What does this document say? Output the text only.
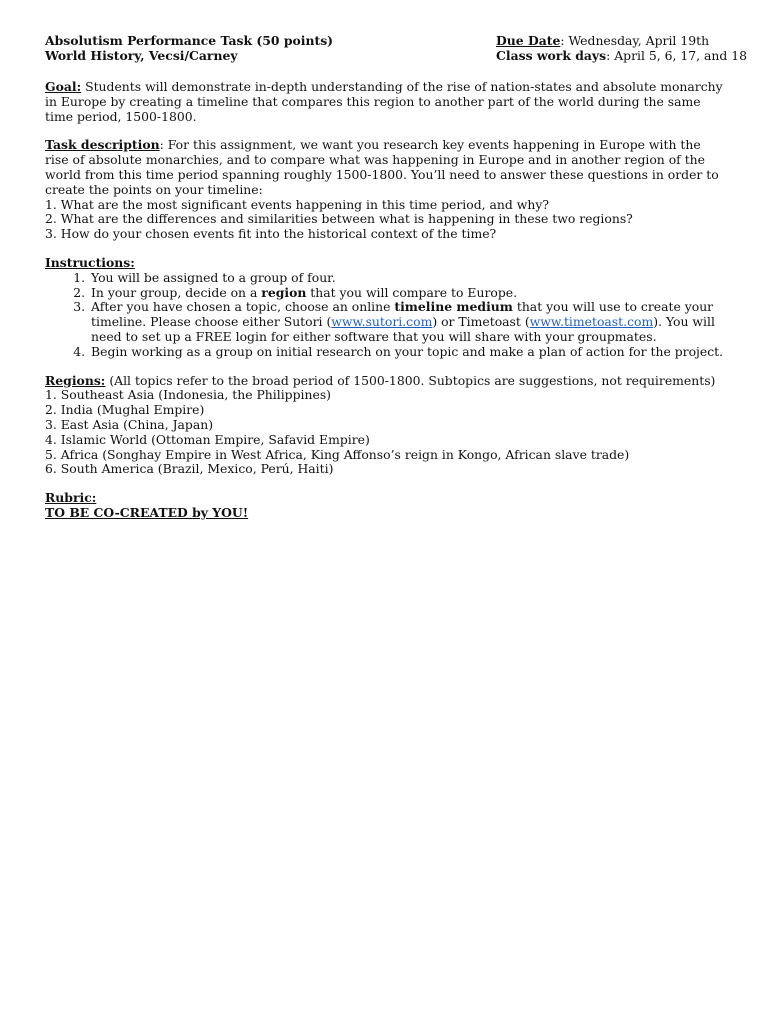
Absolutism Performance Task (50 points)
World History, Vecsi/Carney
Due Date: Wednesday, April 19th
Class work days: April 5, 6, 17, and 18
Goal: Students will demonstrate in-depth understanding of the rise of nation-states and absolute monarchy in Europe by creating a timeline that compares this region to another part of the world during the same time period, 1500-1800.
Task description: For this assignment, we want you research key events happening in Europe with the rise of absolute monarchies, and to compare what was happening in Europe and in another region of the world from this time period spanning roughly 1500-1800. You’ll need to answer these questions in order to create the points on your timeline:
1. What are the most significant events happening in this time period, and why?
2. What are the differences and similarities between what is happening in these two regions?
3. How do your chosen events fit into the historical context of the time?
Instructions:
1. You will be assigned to a group of four.
2. In your group, decide on a region that you will compare to Europe.
3. After you have chosen a topic, choose an online timeline medium that you will use to create your timeline. Please choose either Sutori (www.sutori.com) or Timetoast (www.timetoast.com). You will need to set up a FREE login for either software that you will share with your groupmates.
4. Begin working as a group on initial research on your topic and make a plan of action for the project.
Regions: (All topics refer to the broad period of 1500-1800. Subtopics are suggestions, not requirements)
1. Southeast Asia (Indonesia, the Philippines)
2. India (Mughal Empire)
3. East Asia (China, Japan)
4. Islamic World (Ottoman Empire, Safavid Empire)
5. Africa (Songhay Empire in West Africa, King Affonso’s reign in Kongo, African slave trade)
6. South America (Brazil, Mexico, Perú, Haiti)
Rubric:
TO BE CO-CREATED by YOU!
